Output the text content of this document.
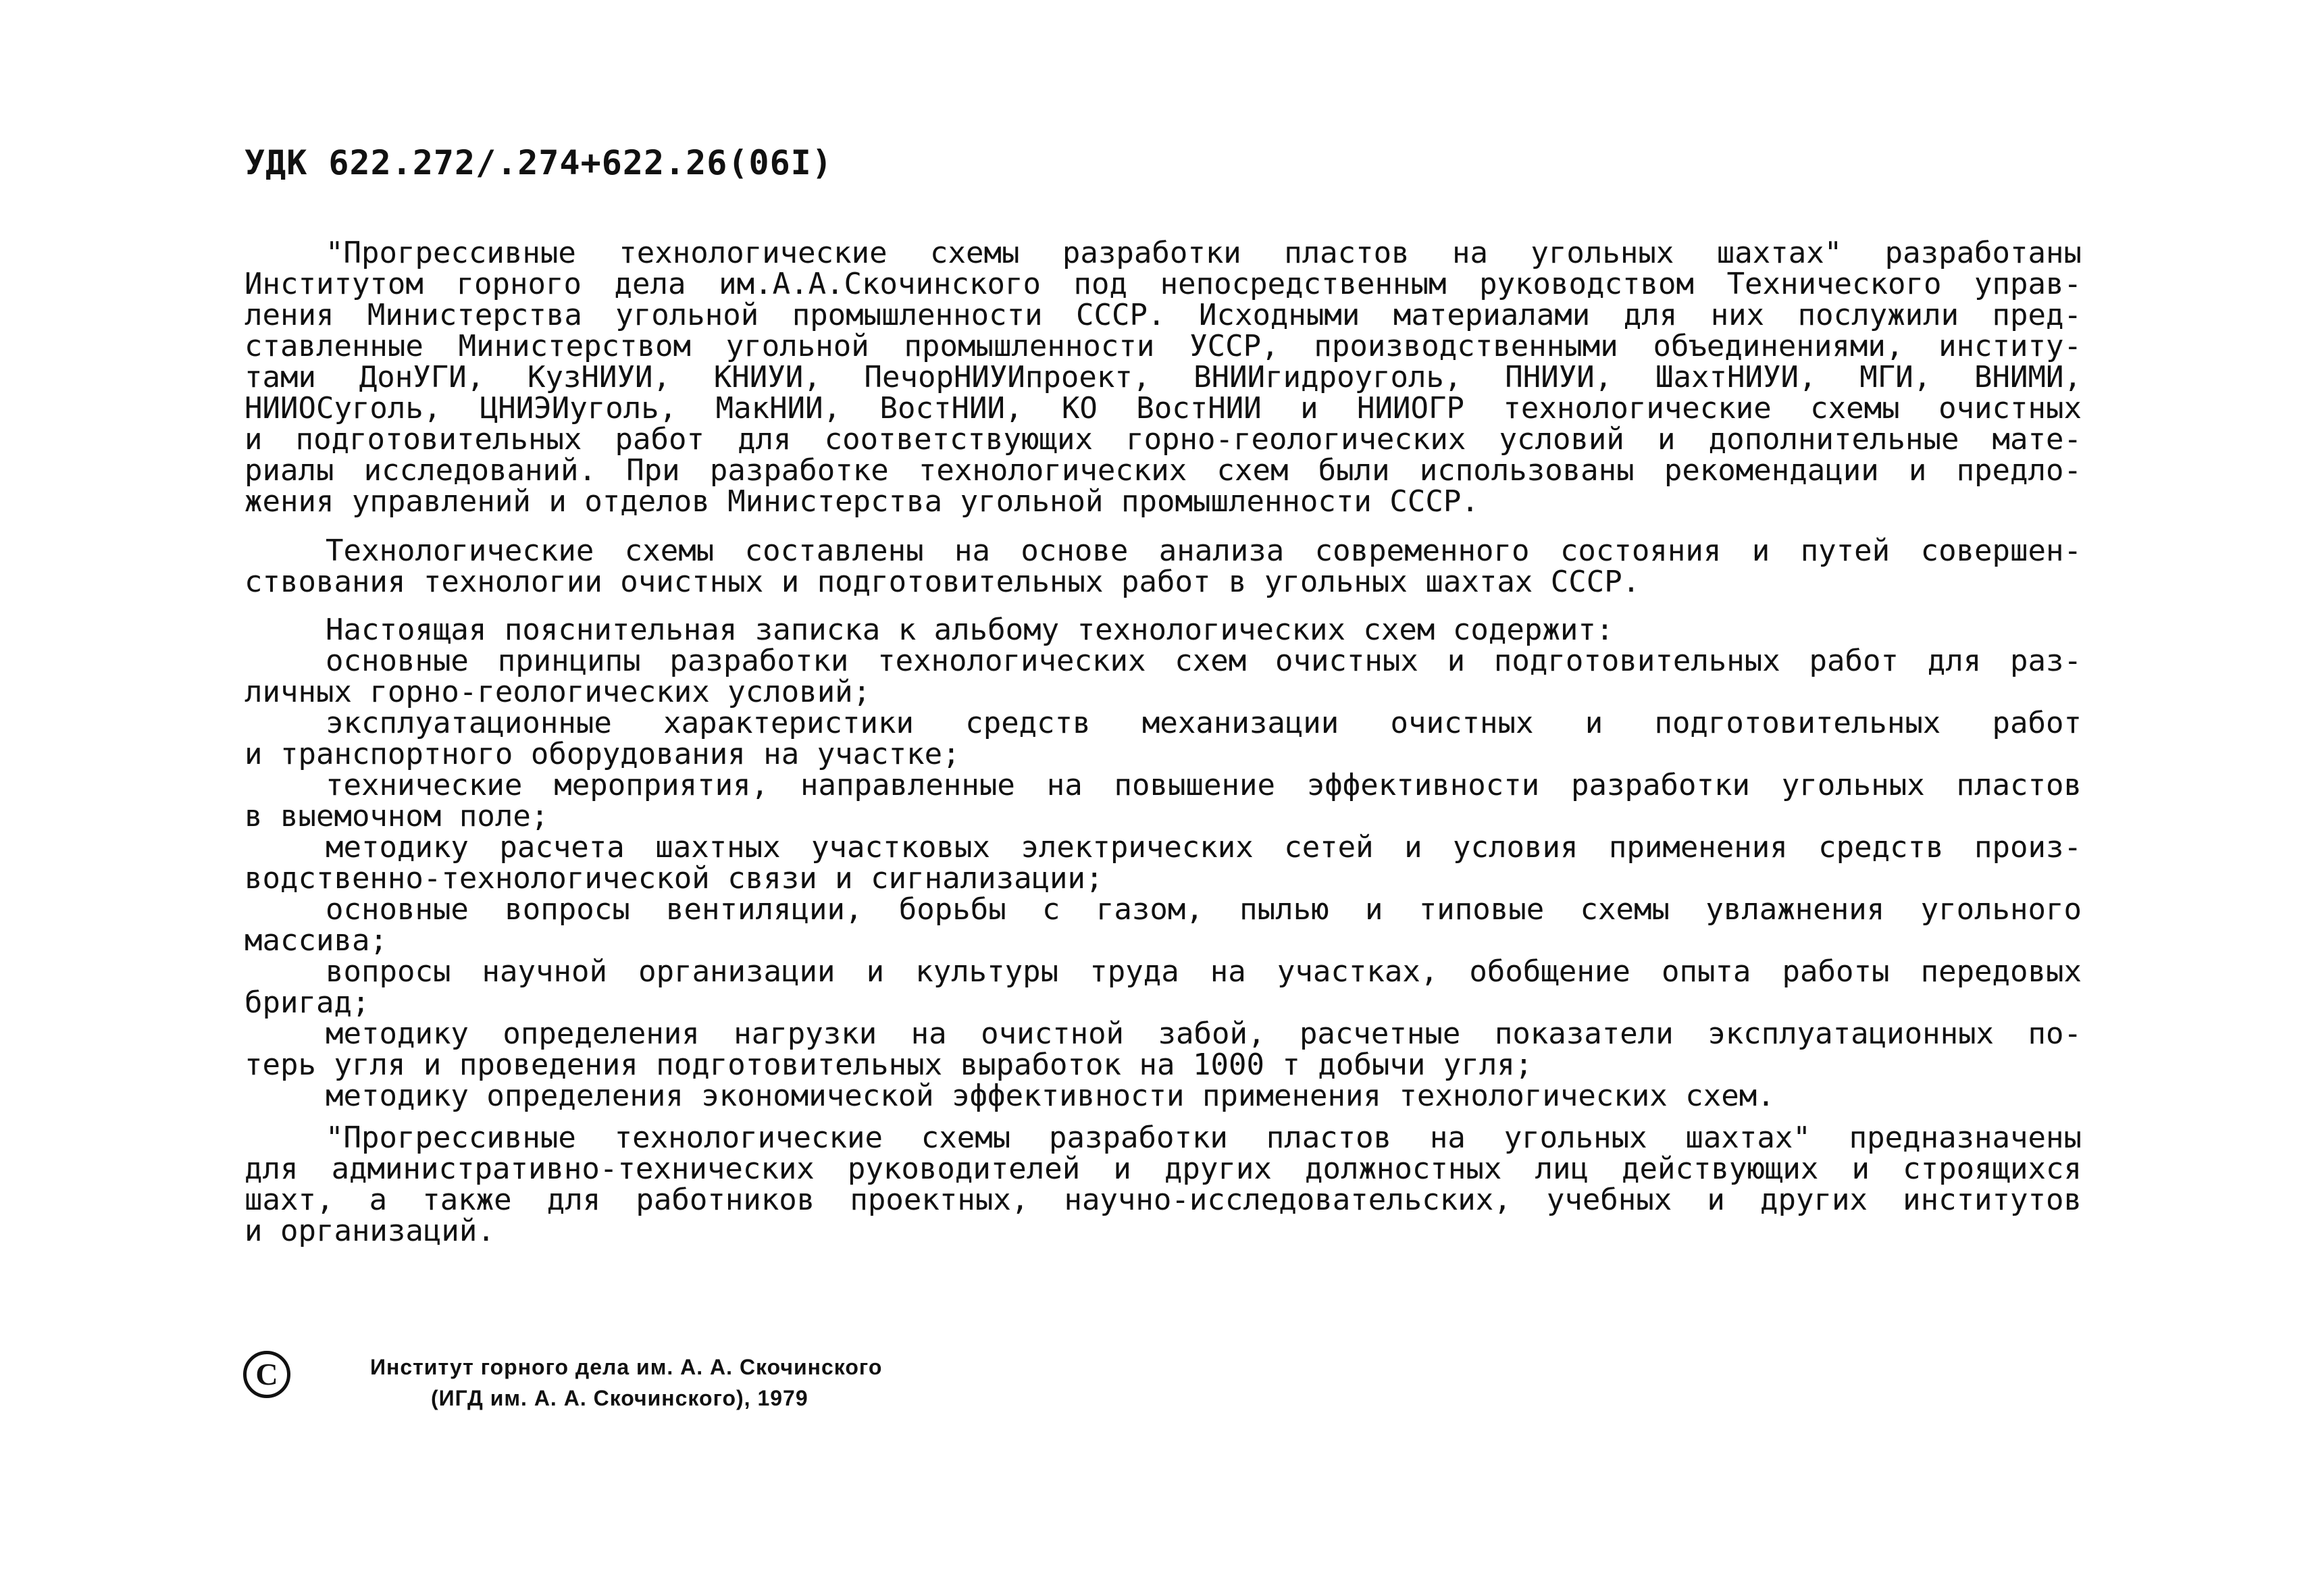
УДК 622.272/.274+622.26(06I)
"Прогрессивные технологические схемы разработки пластов на угольных шахтах" разработаны
Институтом горного дела им.А.А.Скочинского под непосредственным руководством Технического управ-
ления Министерства угольной промышленности СССР. Исходными материалами для них послужили пред-
ставленные Министерством угольной промышленности УССР, производственными объединениями, институ-
тами ДонУГИ, КузНИУИ, КНИУИ, ПечорНИУИпроект, ВНИИгидроуголь, ПНИУИ, ШахтНИУИ, МГИ, ВНИМИ,
НИИОСуголь, ЦНИЭИуголь, МакНИИ, ВостНИИ, КО ВостНИИ и НИИОГР технологические схемы очистных
и подготовительных работ для соответствующих горно-геологических условий и дополнительные мате-
риалы исследований. При разработке технологических схем были использованы рекомендации и предло-
жения управлений и отделов Министерства угольной промышленности СССР.
Технологические схемы составлены на основе анализа современного состояния и путей совершен-
ствования технологии очистных и подготовительных работ в угольных шахтах СССР.
Настоящая пояснительная записка к альбому технологических схем содержит:
основные принципы разработки технологических схем очистных и подготовительных работ для раз-
личных горно-геологических условий;
эксплуатационные характеристики средств механизации очистных и подготовительных работ
и транспортного оборудования на участке;
технические мероприятия, направленные на повышение эффективности разработки угольных пластов
в выемочном поле;
методику расчета шахтных участковых электрических сетей и условия применения средств произ-
водственно-технологической связи и сигнализации;
основные вопросы вентиляции, борьбы с газом, пылью и типовые схемы увлажнения угольного
массива;
вопросы научной организации и культуры труда на участках, обобщение опыта работы передовых
бригад;
методику определения нагрузки на очистной забой, расчетные показатели эксплуатационных по-
терь угля и проведения подготовительных выработок на 1000 т добычи угля;
методику определения экономической эффективности применения технологических схем.
"Прогрессивные технологические схемы разработки пластов на угольных шахтах" предназначены
для административно-технических руководителей и других должностных лиц действующих и строящихся
шахт, а также для работников проектных, научно-исследовательских, учебных и других институтов
и организаций.
C	Институт горного дела им. А. А. Скочинского
(ИГД им. А. А. Скочинского), 1979
